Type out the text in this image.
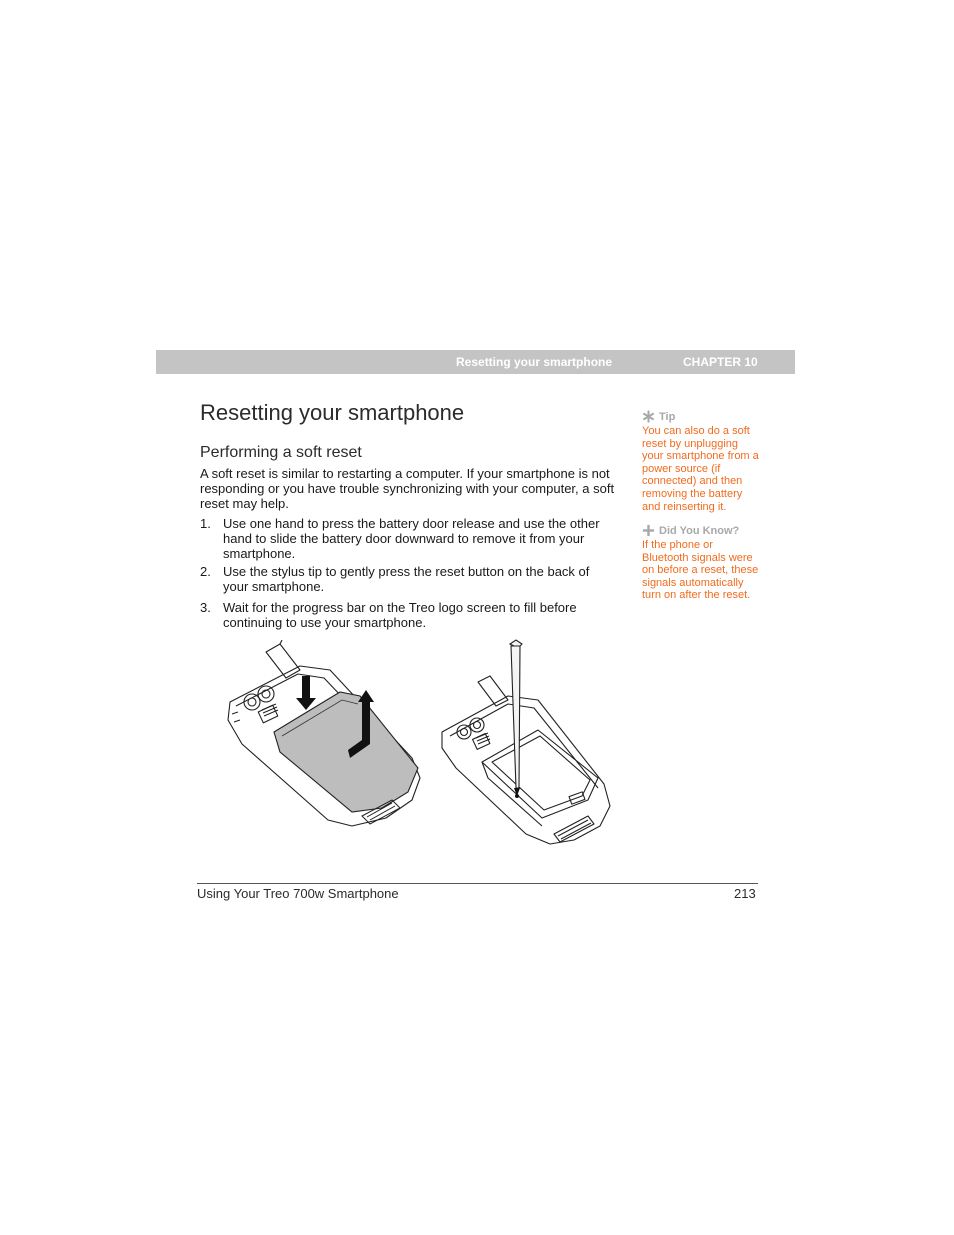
Resetting your smartphone	CHAPTER 10
Resetting your smartphone
Performing a soft reset

A soft reset is similar to restarting a computer. If your smartphone is not responding or you have trouble synchronizing with your computer, a soft reset may help.

1. Use one hand to press the battery door release and use the other hand to slide the battery door downward to remove it from your smartphone.
2. Use the stylus tip to gently press the reset button on the back of your smartphone.
3. Wait for the progress bar on the Treo logo screen to fill before continuing to use your smartphone.
Tip
You can also do a soft reset by unplugging your smartphone from a power source (if connected) and then removing the battery and reinserting it.
Did You Know?
If the phone or Bluetooth signals were on before a reset, these signals automatically turn on after the reset.
Using Your Treo 700w Smartphone	213
